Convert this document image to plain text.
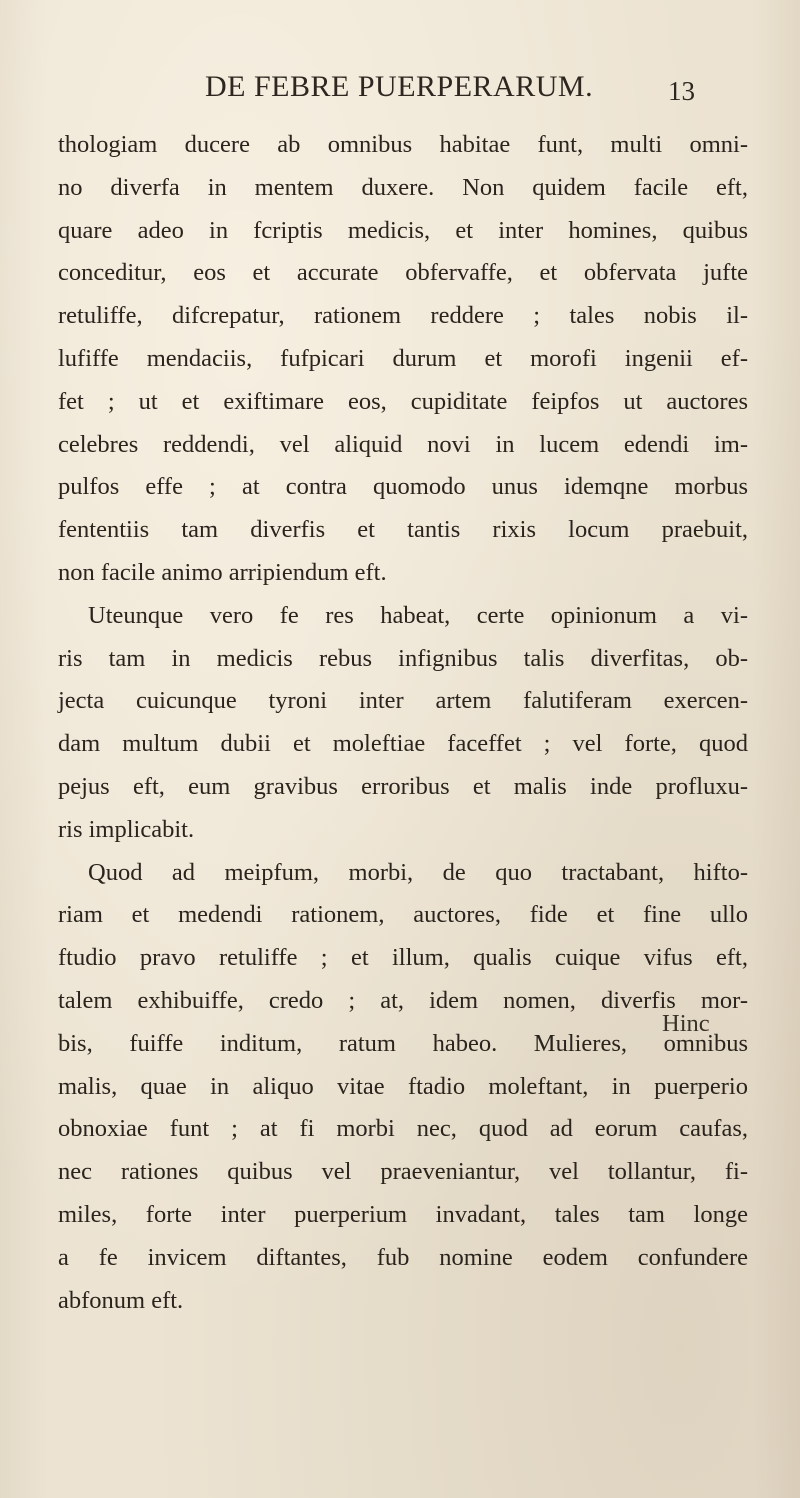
DE FEBRE PUERPERARUM.	13
thologiam ducere ab omnibus habitae funt, multi omni-
no diverfa in mentem duxere. Non quidem facile eft,
quare adeo in fcriptis medicis, et inter homines, quibus
conceditur, eos et accurate obfervaffe, et obfervata jufte
retuliffe, difcrepatur, rationem reddere ; tales nobis il-
lufiffe mendaciis, fufpicari durum et morofi ingenii ef-
fet ; ut et exiftimare eos, cupiditate feipfos ut auctores
celebres reddendi, vel aliquid novi in lucem edendi im-
pulfos effe ; at contra quomodo unus idemqne morbus
fententiis tam diverfis et tantis rixis locum praebuit,
non facile animo arripiendum eft.
Uteunque vero fe res habeat, certe opinionum a vi-
ris tam in medicis rebus infignibus talis diverfitas, ob-
jecta cuicunque tyroni inter artem falutiferam exercen-
dam multum dubii et moleftiae faceffet ; vel forte, quod
pejus eft, eum gravibus erroribus et malis inde profluxu-
ris implicabit.
Quod ad meipfum, morbi, de quo tractabant, hifto-
riam et medendi rationem, auctores, fide et fine ullo
ftudio pravo retuliffe ; et illum, qualis cuique vifus eft,
talem exhibuiffe, credo ; at, idem nomen, diverfis mor-
bis, fuiffe inditum, ratum habeo. Mulieres, omnibus
malis, quae in aliquo vitae ftadio moleftant, in puerperio
obnoxiae funt ; at fi morbi nec, quod ad eorum caufas,
nec rationes quibus vel praeveniantur, vel tollantur, fi-
miles, forte inter puerperium invadant, tales tam longe
a fe invicem diftantes, fub nomine eodem confundere
abfonum eft.
Hinc
